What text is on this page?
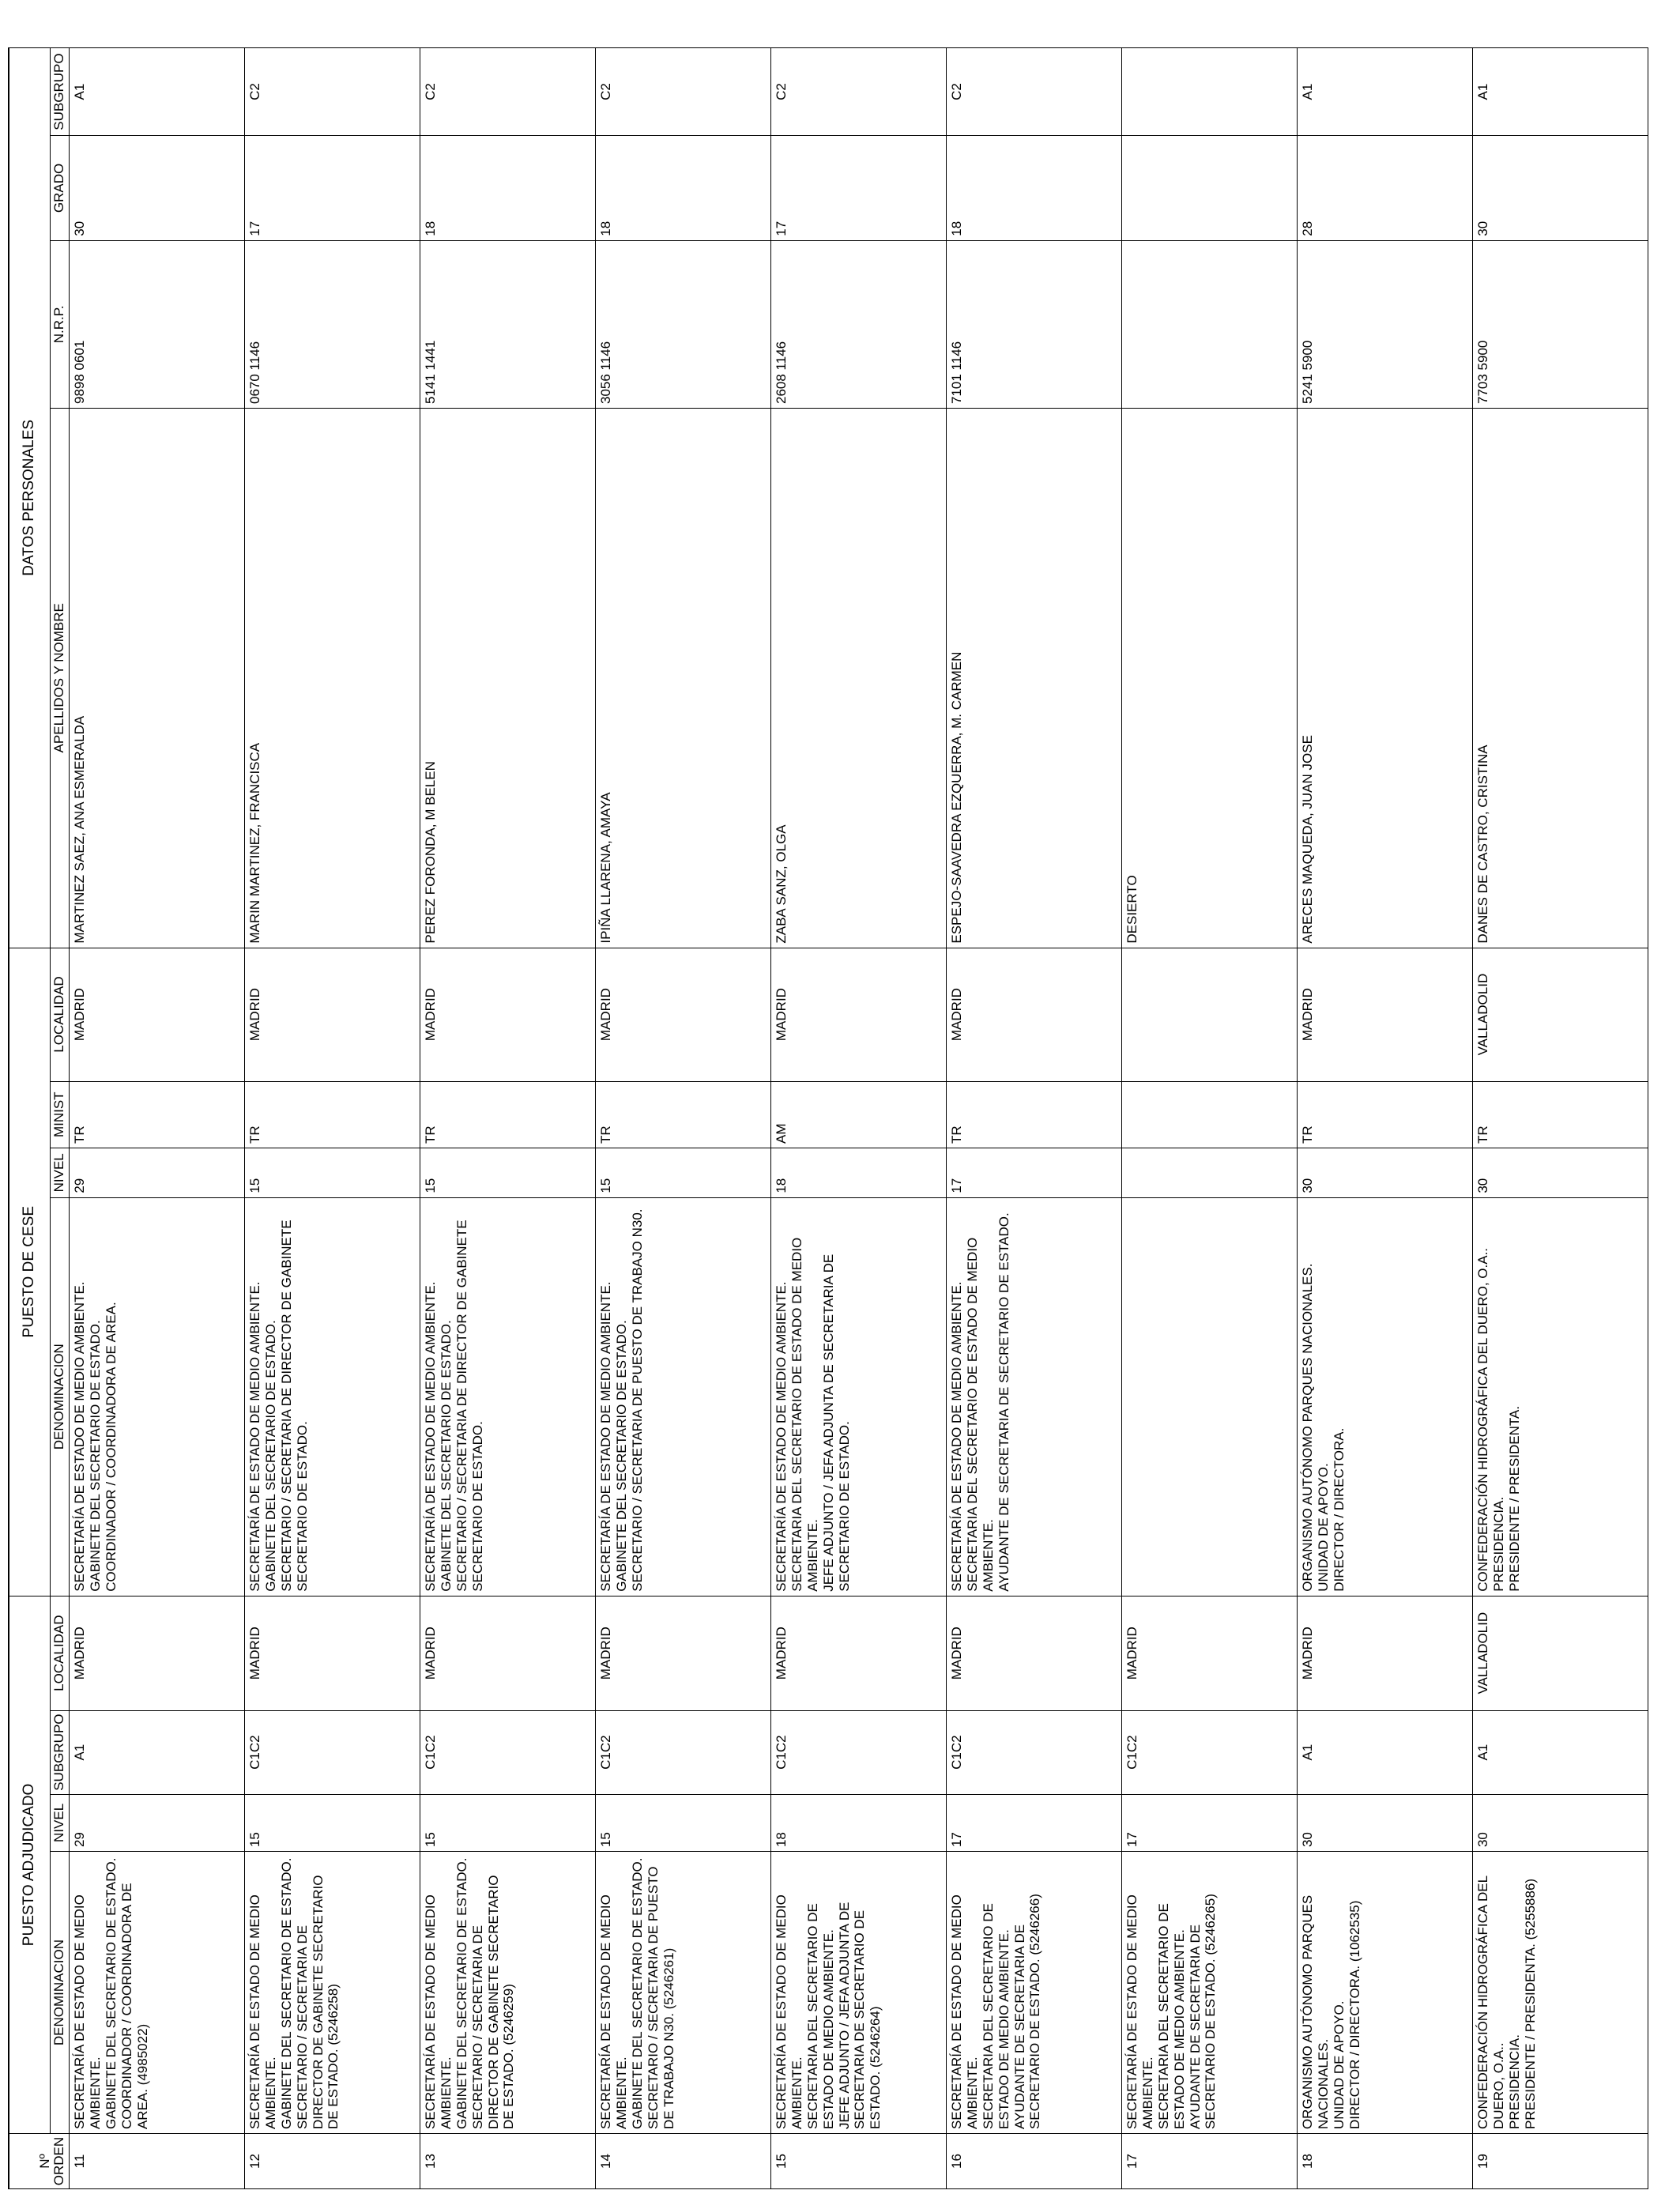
Nº ORDEN	PUESTO ADJUDICADO				PUESTO DE CESE				DATOS PERSONALES			
	DENOMINACION	NIVEL	SUBGRUPO	LOCALIDAD	DENOMINACION	NIVEL	MINIST	LOCALIDAD	APELLIDOS Y NOMBRE	N.R.P.	GRADO	SUBGRUPO
11	SECRETARÍA DE ESTADO DE MEDIO AMBIENTE.
GABINETE DEL SECRETARIO DE ESTADO.
COORDINADOR / COORDINADORA DE AREA. (4985022)	29	A1	MADRID	SECRETARÍA DE ESTADO DE MEDIO AMBIENTE.
GABINETE DEL SECRETARIO DE ESTADO.
COORDINADOR / COORDINADORA DE AREA.	29	TR	MADRID	MARTINEZ SAEZ, ANA ESMERALDA	9898 0601	30	A1
12	SECRETARÍA DE ESTADO DE MEDIO AMBIENTE.
GABINETE DEL SECRETARIO DE ESTADO.
SECRETARIO / SECRETARIA DE DIRECTOR DE GABINETE SECRETARIO DE ESTADO. (5246258)	15	C1C2	MADRID	SECRETARÍA DE ESTADO DE MEDIO AMBIENTE.
GABINETE DEL SECRETARIO DE ESTADO.
SECRETARIO / SECRETARIA DE DIRECTOR DE GABINETE SECRETARIO DE ESTADO.	15	TR	MADRID	MARIN MARTINEZ, FRANCISCA	0670 1146	17	C2
13	SECRETARÍA DE ESTADO DE MEDIO AMBIENTE.
GABINETE DEL SECRETARIO DE ESTADO.
SECRETARIO / SECRETARIA DE DIRECTOR DE GABINETE SECRETARIO DE ESTADO. (5246259)	15	C1C2	MADRID	SECRETARÍA DE ESTADO DE MEDIO AMBIENTE.
GABINETE DEL SECRETARIO DE ESTADO.
SECRETARIO / SECRETARIA DE DIRECTOR DE GABINETE SECRETARIO DE ESTADO.	15	TR	MADRID	PEREZ FORONDA, M BELEN	5141 1441	18	C2
14	SECRETARÍA DE ESTADO DE MEDIO AMBIENTE.
GABINETE DEL SECRETARIO DE ESTADO.
SECRETARIO / SECRETARIA DE PUESTO DE TRABAJO N30. (5246261)	15	C1C2	MADRID	SECRETARÍA DE ESTADO DE MEDIO AMBIENTE.
GABINETE DEL SECRETARIO DE ESTADO.
SECRETARIO / SECRETARIA DE PUESTO DE TRABAJO N30.	15	TR	MADRID	IPIÑA LLARENA, AMAYA	3056 1146	18	C2
15	SECRETARÍA DE ESTADO DE MEDIO AMBIENTE.
SECRETARIA DEL SECRETARIO DE ESTADO DE MEDIO AMBIENTE.
JEFE ADJUNTO / JEFA ADJUNTA DE SECRETARIA DE SECRETARIO DE ESTADO. (5246264)	18	C1C2	MADRID	SECRETARÍA DE ESTADO DE MEDIO AMBIENTE.
SECRETARIA DEL SECRETARIO DE ESTADO DE MEDIO AMBIENTE.
JEFE ADJUNTO / JEFA ADJUNTA DE SECRETARIA DE SECRETARIO DE ESTADO.	18	AM	MADRID	ZABA SANZ, OLGA	2608 1146	17	C2
16	SECRETARÍA DE ESTADO DE MEDIO AMBIENTE.
SECRETARIA DEL SECRETARIO DE ESTADO DE MEDIO AMBIENTE.
AYUDANTE DE SECRETARIA DE SECRETARIO DE ESTADO. (5246266)	17	C1C2	MADRID	SECRETARÍA DE ESTADO DE MEDIO AMBIENTE.
SECRETARIA DEL SECRETARIO DE ESTADO DE MEDIO AMBIENTE.
AYUDANTE DE SECRETARIA DE SECRETARIO DE ESTADO.	17	TR	MADRID	ESPEJO-SAAVEDRA EZQUERRA, M. CARMEN	7101 1146	18	C2
17	SECRETARÍA DE ESTADO DE MEDIO AMBIENTE.
SECRETARIA DEL SECRETARIO DE ESTADO DE MEDIO AMBIENTE.
AYUDANTE DE SECRETARIA DE SECRETARIO DE ESTADO. (5246265)	17	C1C2	MADRID					DESIERTO			
18	ORGANISMO AUTÓNOMO PARQUES NACIONALES.
UNIDAD DE APOYO.
DIRECTOR / DIRECTORA. (1062535)	30	A1	MADRID	ORGANISMO AUTÓNOMO PARQUES NACIONALES.
UNIDAD DE APOYO.
DIRECTOR / DIRECTORA.	30	TR	MADRID	ARECES MAQUEDA, JUAN JOSE	5241 5900	28	A1
19	CONFEDERACIÓN HIDROGRÁFICA DEL DUERO, O.A..
PRESIDENCIA.
PRESIDENTE / PRESIDENTA. (5255886)	30	A1	VALLADOLID	CONFEDERACIÓN HIDROGRÁFICA DEL DUERO, O.A..
PRESIDENCIA.
PRESIDENTE / PRESIDENTA.	30	TR	VALLADOLID	DANES DE CASTRO, CRISTINA	7703 5900	30	A1
